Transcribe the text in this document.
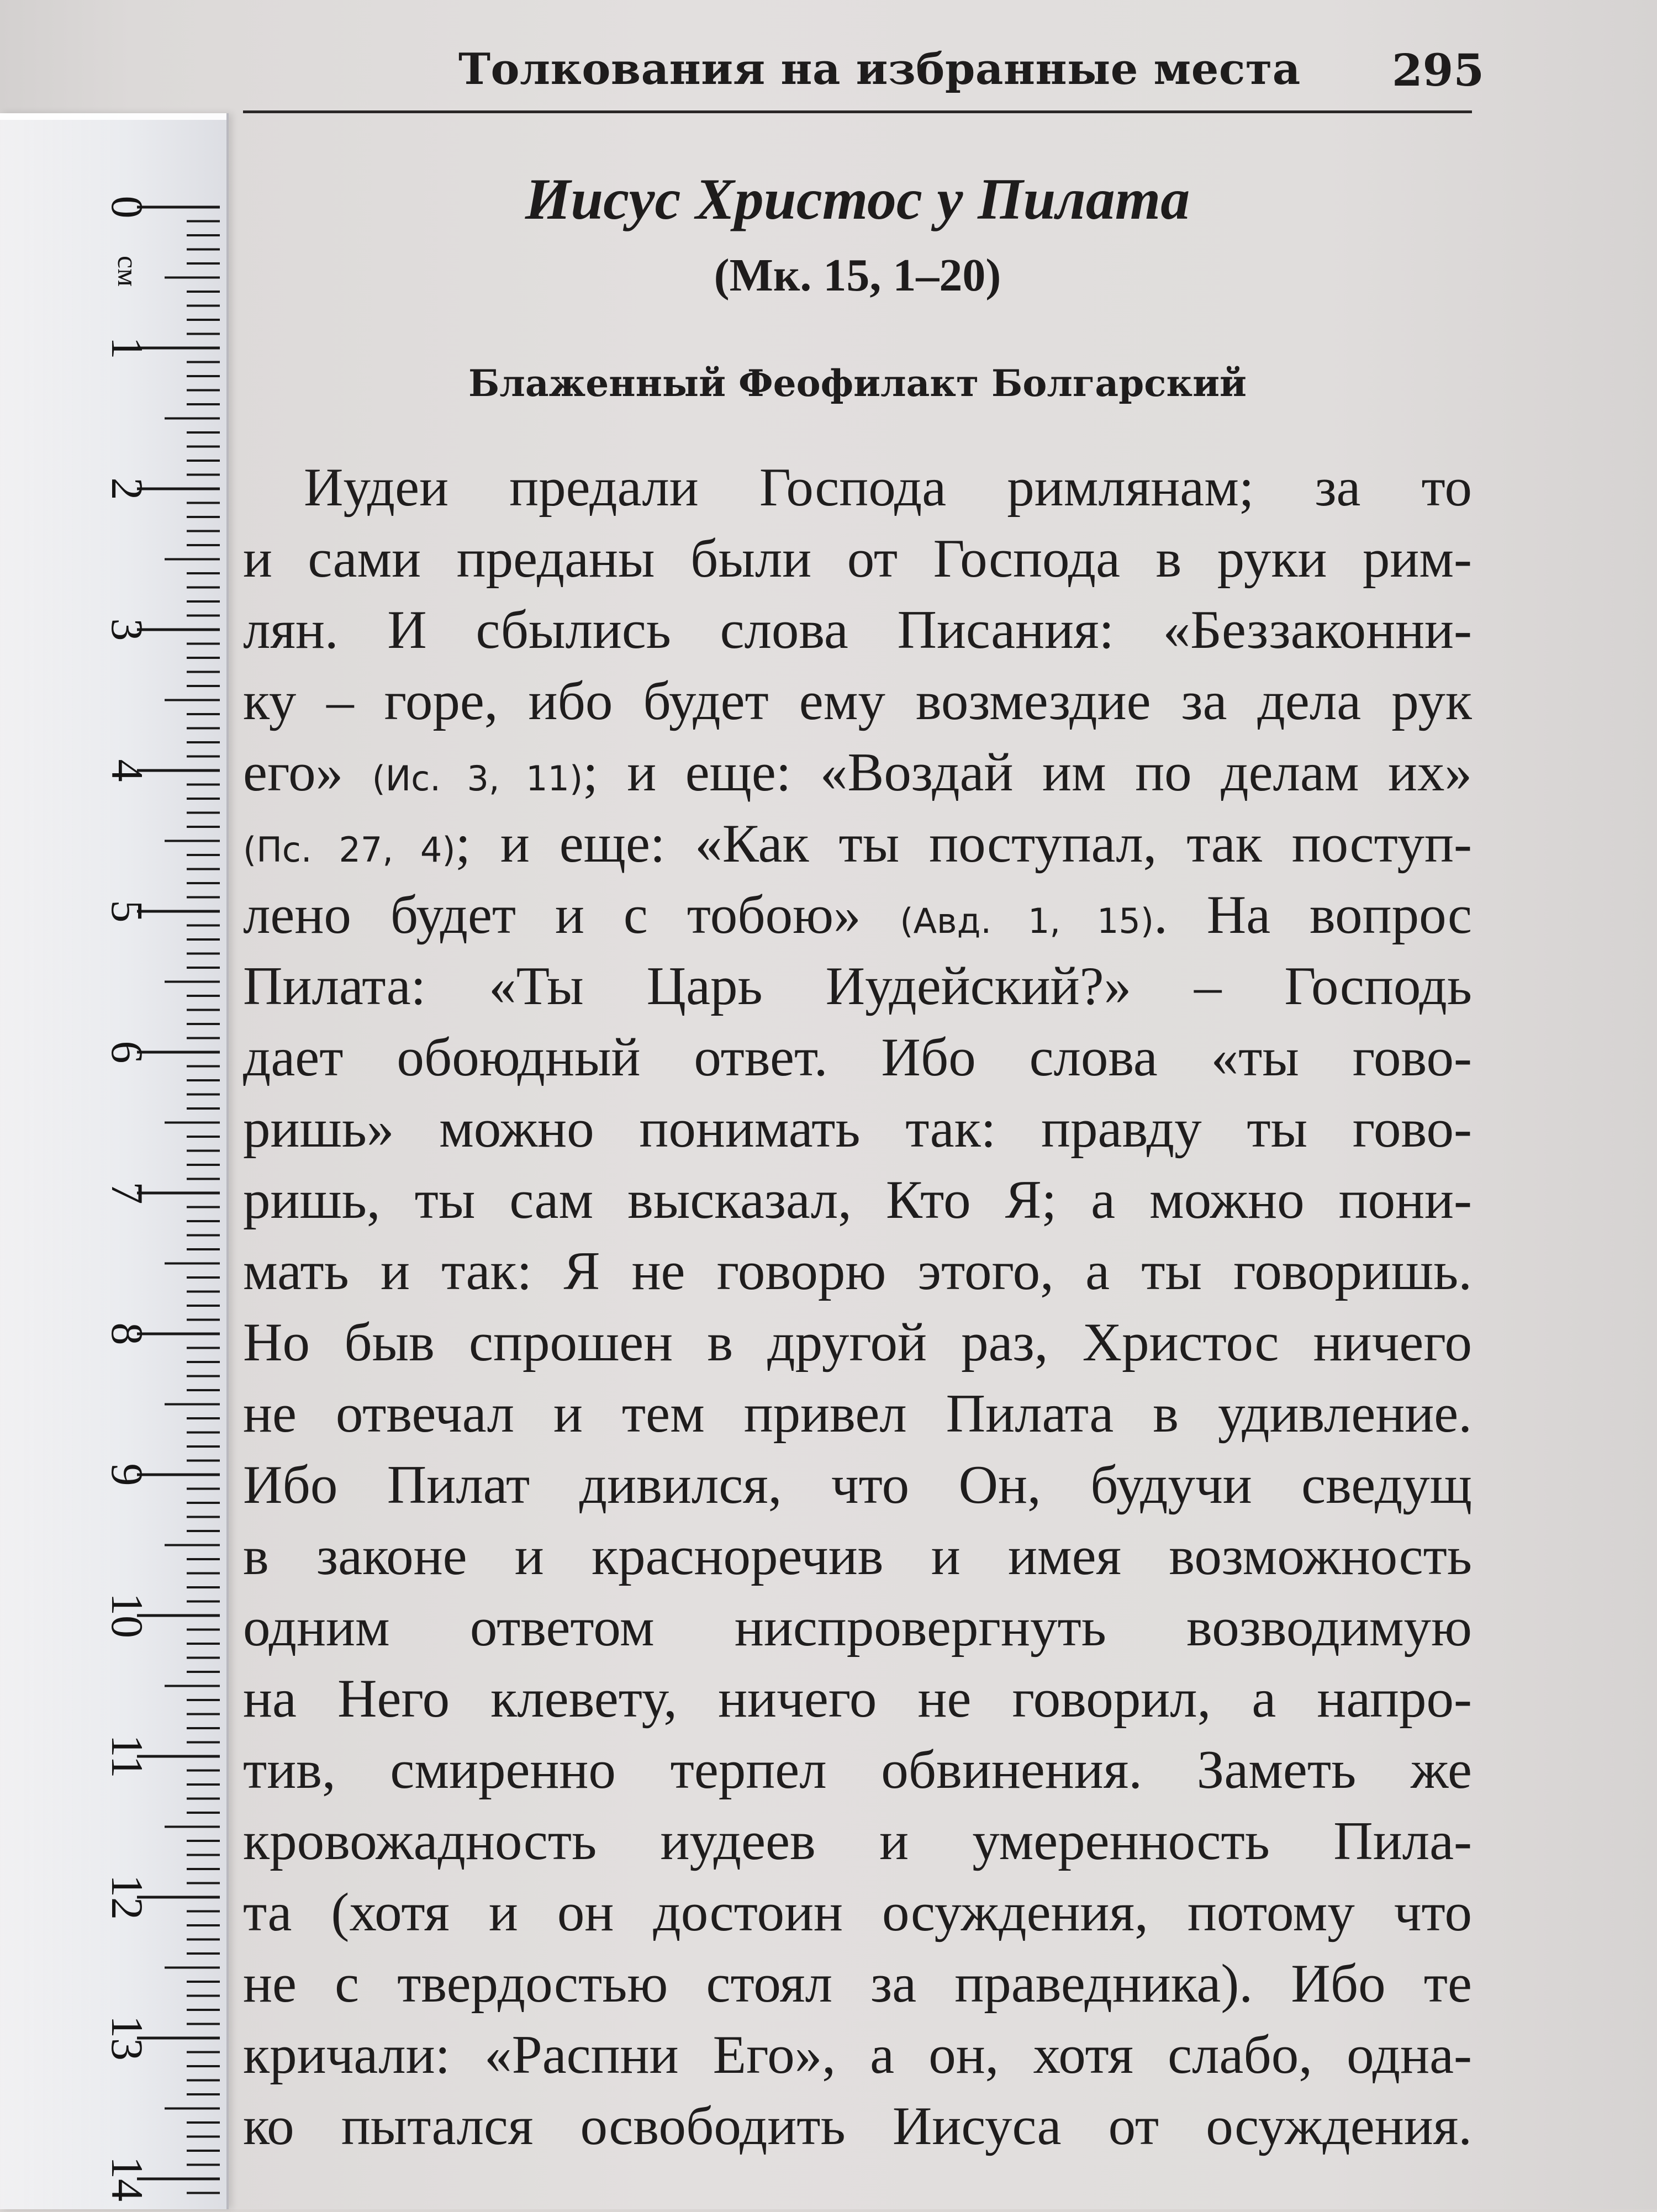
Толкования на избранные места 295
Иисус Христос у Пилата
(Мк. 15, 1–20)
Блаженный Феофилакт Болгарский
Иудеи предали Господа римлянам; за то
и сами преданы были от Господа в руки рим-
лян. И сбылись слова Писания: «Беззаконни-
ку – горе, ибо будет ему возмездие за дела рук
его» (Ис. 3, 11); и еще: «Воздай им по делам их»
(Пс. 27, 4); и еще: «Как ты поступал, так поступ-
лено будет и с тобою» (Авд. 1, 15). На вопрос
Пилата: «Ты Царь Иудейский?» – Господь
дает обоюдный ответ. Ибо слова «ты гово-
ришь» можно понимать так: правду ты гово-
ришь, ты сам высказал, Кто Я; а можно пони-
мать и так: Я не говорю этого, а ты говоришь.
Но быв спрошен в другой раз, Христос ничего
не отвечал и тем привел Пилата в удивление.
Ибо Пилат дивился, что Он, будучи сведущ
в законе и красноречив и имея возможность
одним ответом ниспровергнуть возводимую
на Него клевету, ничего не говорил, а напро-
тив, смиренно терпел обвинения. Заметь же
кровожадность иудеев и умеренность Пила-
та (хотя и он достоин осуждения, потому что
не с твердостью стоял за праведника). Ибо те
кричали: «Распни Его», а он, хотя слабо, одна-
ко пытался освободить Иисуса от осуждения.
0
1
2
3
4
5
6
7
8
9
10
11
12
13
14
см
